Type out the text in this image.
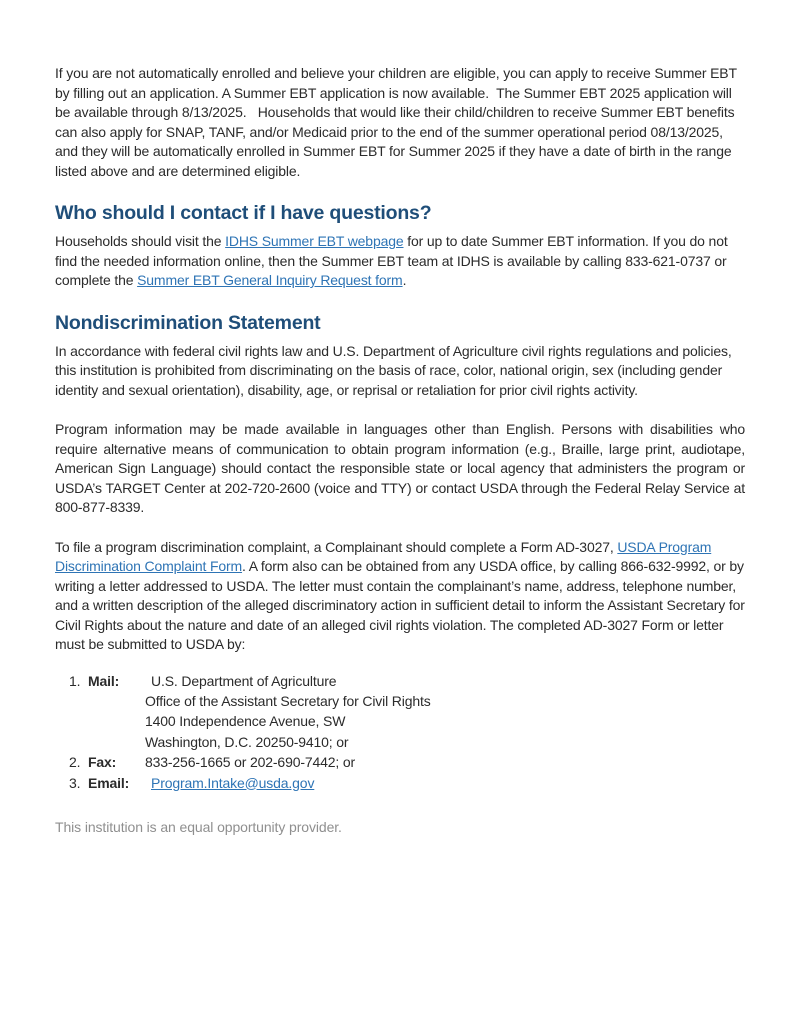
If you are not automatically enrolled and believe your children are eligible, you can apply to receive Summer EBT by filling out an application. A Summer EBT application is now available.  The Summer EBT 2025 application will be available through 8/13/2025.   Households that would like their child/children to receive Summer EBT benefits can also apply for SNAP, TANF, and/or Medicaid prior to the end of the summer operational period 08/13/2025, and they will be automatically enrolled in Summer EBT for Summer 2025 if they have a date of birth in the range listed above and are determined eligible.

Who should I contact if I have questions?

Households should visit the IDHS Summer EBT webpage for up to date Summer EBT information. If you do not find the needed information online, then the Summer EBT team at IDHS is available by calling 833-621-0737 or complete the Summer EBT General Inquiry Request form.

Nondiscrimination Statement

In accordance with federal civil rights law and U.S. Department of Agriculture civil rights regulations and policies, this institution is prohibited from discriminating on the basis of race, color, national origin, sex (including gender identity and sexual orientation), disability, age, or reprisal or retaliation for prior civil rights activity.

Program information may be made available in languages other than English. Persons with disabilities who require alternative means of communication to obtain program information (e.g., Braille, large print, audiotape, American Sign Language) should contact the responsible state or local agency that administers the program or USDA’s TARGET Center at 202-720-2600 (voice and TTY) or contact USDA through the Federal Relay Service at 800-877-8339.

To file a program discrimination complaint, a Complainant should complete a Form AD-3027, USDA Program Discrimination Complaint Form. A form also can be obtained from any USDA office, by calling 866-632-9992, or by writing a letter addressed to USDA. The letter must contain the complainant’s name, address, telephone number, and a written description of the alleged discriminatory action in sufficient detail to inform the Assistant Secretary for Civil Rights about the nature and date of an alleged civil rights violation. The completed AD-3027 Form or letter must be submitted to USDA by:

1. Mail:	U.S. Department of Agriculture
Office of the Assistant Secretary for Civil Rights
1400 Independence Avenue, SW
Washington, D.C. 20250-9410; or
2. Fax:	833-256-1665 or 202-690-7442; or
3. Email:	Program.Intake@usda.gov

This institution is an equal opportunity provider.
